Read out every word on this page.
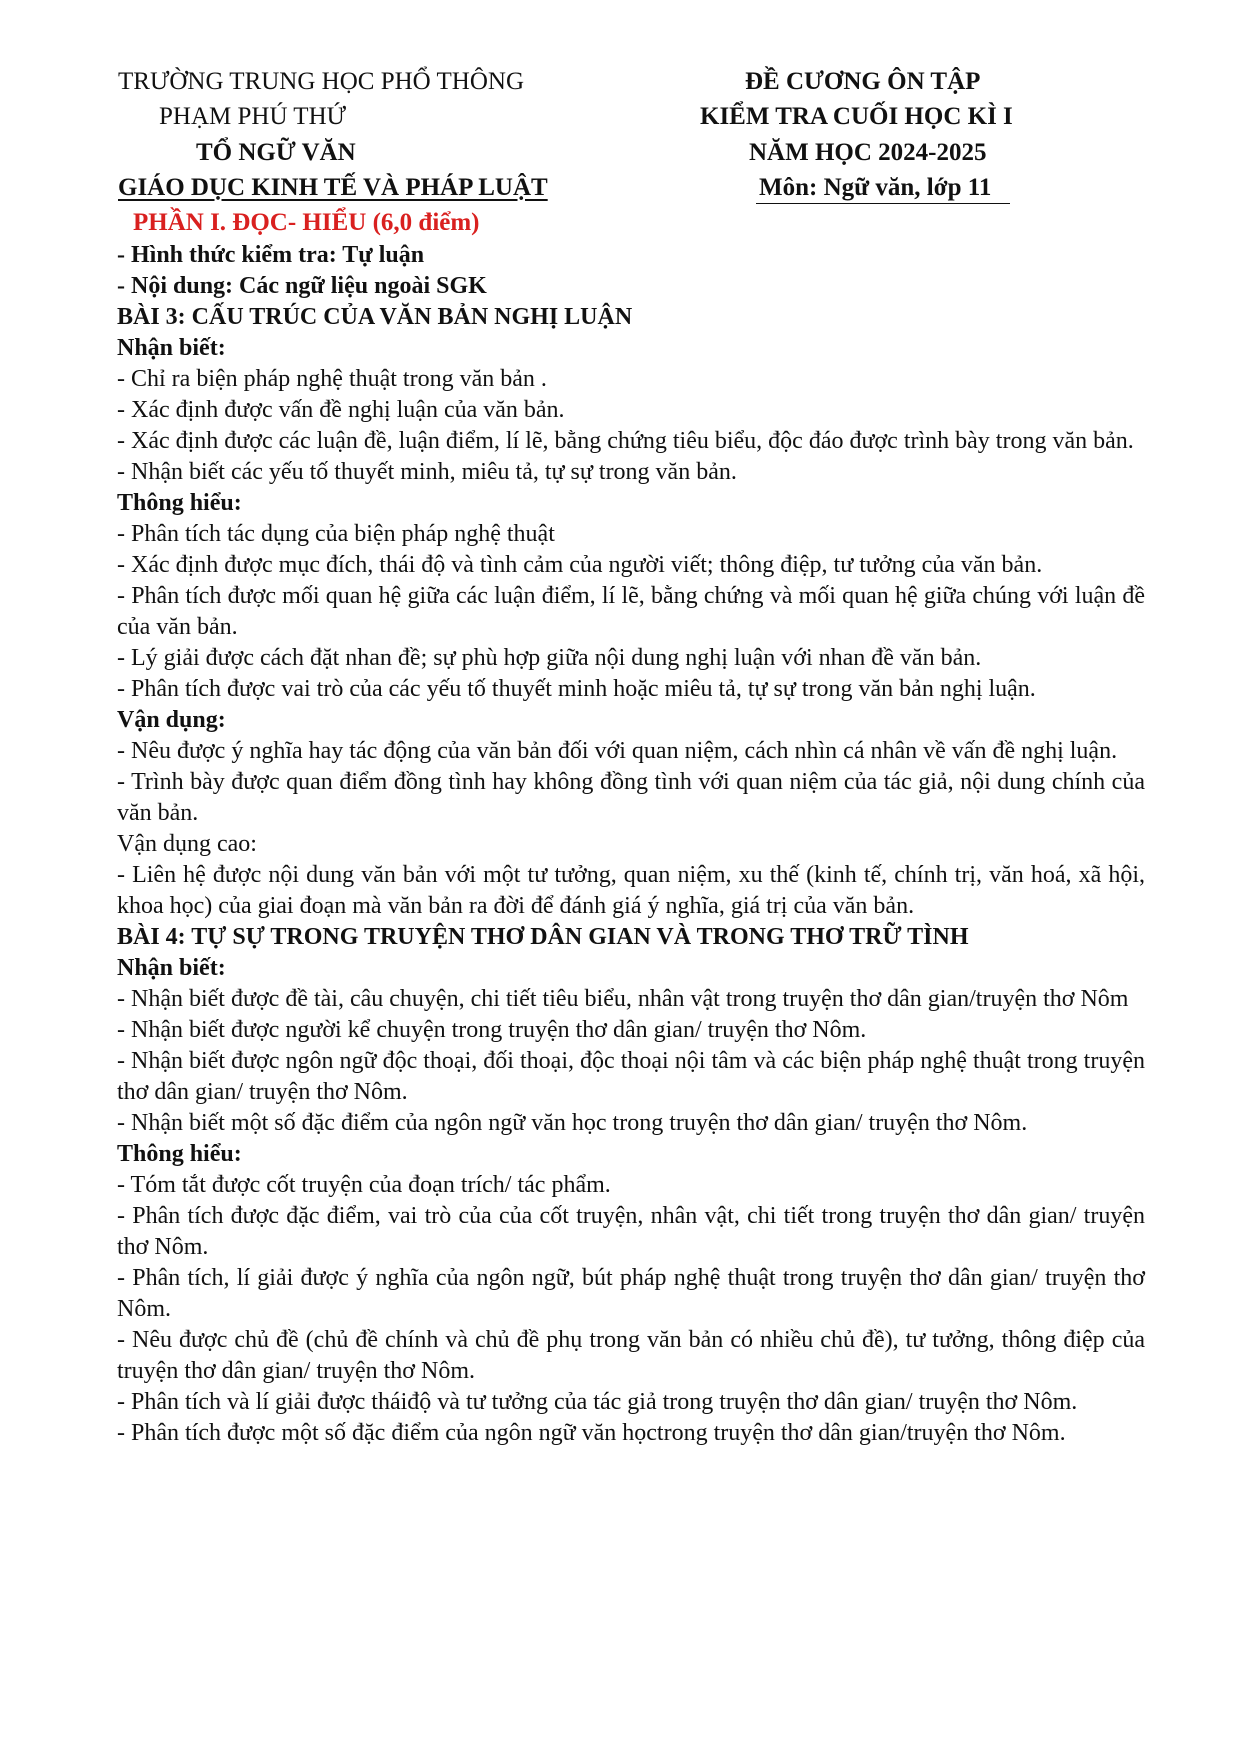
TRƯỜNG TRUNG HỌC PHỔ THÔNG
PHẠM PHÚ THỨ
TỔ NGỮ VĂN
GIÁO DỤC KINH TẾ VÀ PHÁP LUẬT
ĐỀ CƯƠNG ÔN TẬP
KIỂM TRA CUỐI HỌC KÌ I
NĂM HỌC 2024-2025
Môn: Ngữ văn, lớp 11
PHẦN I. ĐỌC- HIỂU (6,0 điểm)

- Hình thức kiểm tra: Tự luận

- Nội dung: Các ngữ liệu ngoài SGK

BÀI 3: CẤU TRÚC CỦA VĂN BẢN NGHỊ LUẬN

Nhận biết:

- Chỉ ra biện pháp nghệ thuật trong văn bản .

- Xác định được vấn đề nghị luận của văn bản.

- Xác định được các luận đề, luận điểm, lí lẽ, bằng chứng tiêu biểu, độc đáo được trình bày trong văn bản.

- Nhận biết các yếu tố thuyết minh, miêu tả, tự sự trong văn bản.

Thông hiểu:

- Phân tích tác dụng của biện pháp nghệ thuật

- Xác định được mục đích, thái độ và tình cảm của người viết; thông điệp, tư tưởng của văn bản.

- Phân tích được mối quan hệ giữa các luận điểm, lí lẽ, bằng chứng và mối quan hệ giữa chúng với luận đề của văn bản.

- Lý giải được cách đặt nhan đề; sự phù hợp giữa nội dung nghị luận với nhan đề văn bản.

- Phân tích được vai trò của các yếu tố thuyết minh hoặc miêu tả, tự sự trong văn bản nghị luận.

Vận dụng:

- Nêu được ý nghĩa hay tác động của văn bản đối với quan niệm, cách nhìn cá nhân về vấn đề nghị luận.

- Trình bày được quan điểm đồng tình hay không đồng tình với quan niệm của tác giả, nội dung chính của văn bản.

Vận dụng cao:

- Liên hệ được nội dung văn bản với một tư tưởng, quan niệm, xu thế (kinh tế, chính trị, văn hoá, xã hội, khoa học) của giai đoạn mà văn bản ra đời để đánh giá ý nghĩa, giá trị của văn bản.

BÀI 4: TỰ SỰ TRONG TRUYỆN THƠ DÂN GIAN VÀ TRONG THƠ TRỮ TÌNH

Nhận biết:

- Nhận biết được đề tài, câu chuyện, chi tiết tiêu biểu, nhân vật trong truyện thơ dân gian/truyện thơ Nôm

- Nhận biết được người kể chuyện trong truyện thơ dân gian/ truyện thơ Nôm.

- Nhận biết được ngôn ngữ độc thoại, đối thoại, độc thoại nội tâm và các biện pháp nghệ thuật trong truyện thơ dân gian/ truyện thơ Nôm.

- Nhận biết một số đặc điểm của ngôn ngữ văn học trong truyện thơ dân gian/ truyện thơ Nôm.

Thông hiểu:

- Tóm tắt được cốt truyện của đoạn trích/ tác phẩm.

- Phân tích được đặc điểm, vai trò của của cốt truyện, nhân vật, chi tiết trong truyện thơ dân gian/ truyện thơ Nôm.

- Phân tích, lí giải được ý nghĩa của ngôn ngữ, bút pháp nghệ thuật trong truyện thơ dân gian/ truyện thơ Nôm.

- Nêu được chủ đề (chủ đề chính và chủ đề phụ trong văn bản có nhiều chủ đề), tư tưởng, thông điệp của truyện thơ dân gian/ truyện thơ Nôm.

- Phân tích và lí giải được tháiđộ và tư tưởng của tác giả trong truyện thơ dân gian/ truyện thơ Nôm.

- Phân tích được một số đặc điểm của ngôn ngữ văn họctrong truyện thơ dân gian/truyện thơ Nôm.
